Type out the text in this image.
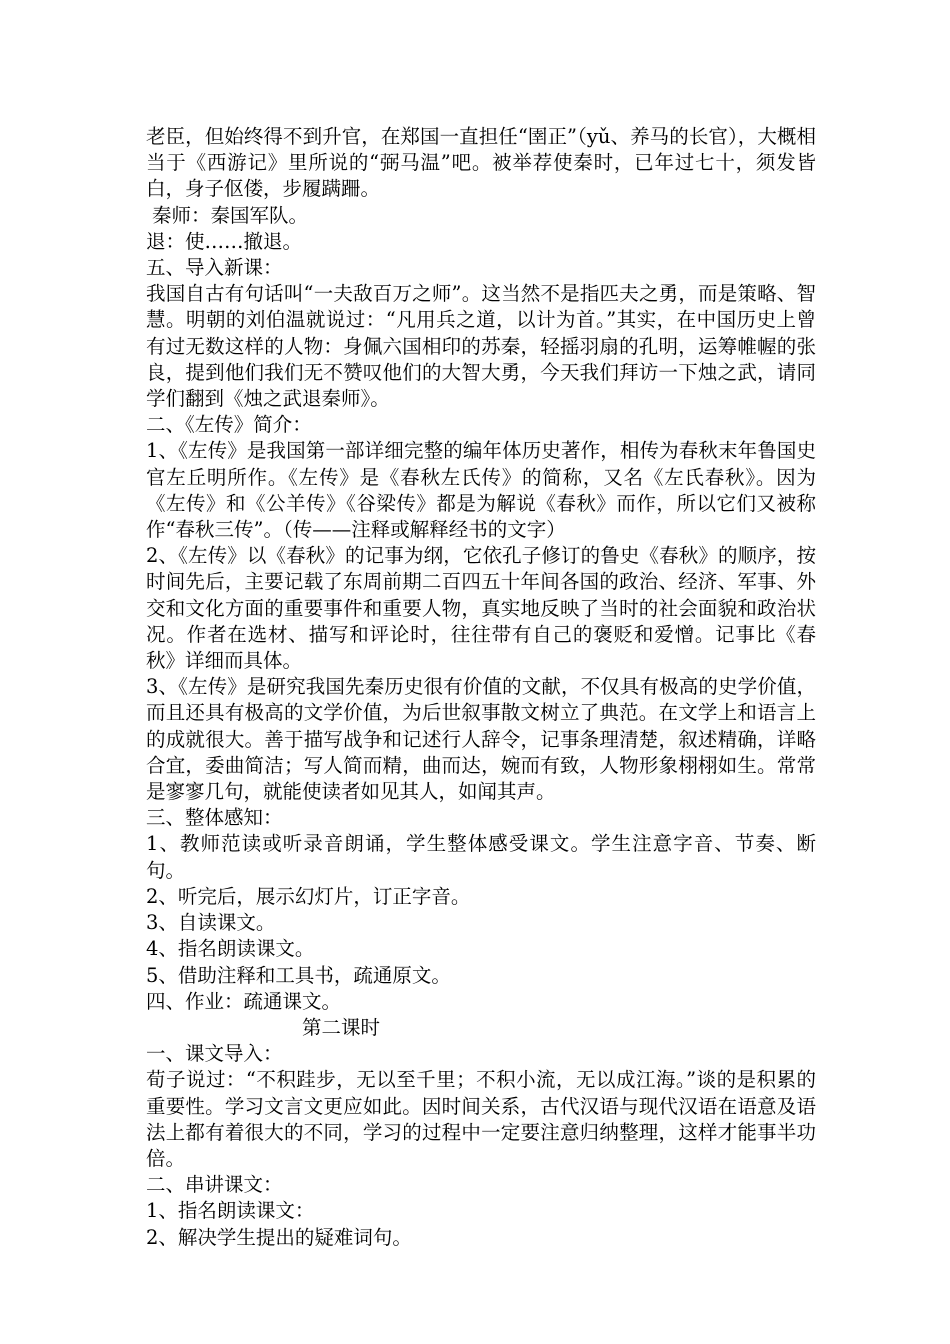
老臣，但始终得不到升官，在郑国一直担任“圉正”（yǔ、养马的长官），大概相当于《西游记》里所说的“弼马温”吧。被举荐使秦时，已年过七十，须发皆白，身子伛偻，步履蹒跚。

秦师：秦国军队。

退：使……撤退。

五、导入新课：

我国自古有句话叫“一夫敌百万之师”。这当然不是指匹夫之勇，而是策略、智慧。明朝的刘伯温就说过：“凡用兵之道，以计为首。”其实，在中国历史上曾有过无数这样的人物：身佩六国相印的苏秦，轻摇羽扇的孔明，运筹帷幄的张良，提到他们我们无不赞叹他们的大智大勇，今天我们拜访一下烛之武，请同学们翻到《烛之武退秦师》。

二、《左传》简介：

1、《左传》是我国第一部详细完整的编年体历史著作，相传为春秋末年鲁国史官左丘明所作。《左传》是《春秋左氏传》的简称，又名《左氏春秋》。因为《左传》和《公羊传》《谷梁传》都是为解说《春秋》而作，所以它们又被称作“春秋三传”。（传——注释或解释经书的文字）

2、《左传》以《春秋》的记事为纲，它依孔子修订的鲁史《春秋》的顺序，按时间先后，主要记载了东周前期二百四五十年间各国的政治、经济、军事、外交和文化方面的重要事件和重要人物，真实地反映了当时的社会面貌和政治状况。作者在选材、描写和评论时，往往带有自己的褒贬和爱憎。记事比《春秋》详细而具体。

3、《左传》是研究我国先秦历史很有价值的文献，不仅具有极高的史学价值，而且还具有极高的文学价值，为后世叙事散文树立了典范。在文学上和语言上的成就很大。善于描写战争和记述行人辞令，记事条理清楚，叙述精确，详略合宜，委曲简洁；写人简而精，曲而达，婉而有致，人物形象栩栩如生。常常是寥寥几句，就能使读者如见其人，如闻其声。

三、整体感知：

1、教师范读或听录音朗诵，学生整体感受课文。学生注意字音、节奏、断句。

2、听完后，展示幻灯片，订正字音。

3、自读课文。

4、指名朗读课文。

5、借助注释和工具书，疏通原文。

四、作业：疏通课文。

第二课时

一、课文导入：

荀子说过：“不积跬步，无以至千里；不积小流，无以成江海。”谈的是积累的重要性。学习文言文更应如此。因时间关系，古代汉语与现代汉语在语意及语法上都有着很大的不同，学习的过程中一定要注意归纳整理，这样才能事半功倍。

二、串讲课文：

1、指名朗读课文：

2、解决学生提出的疑难词句。
